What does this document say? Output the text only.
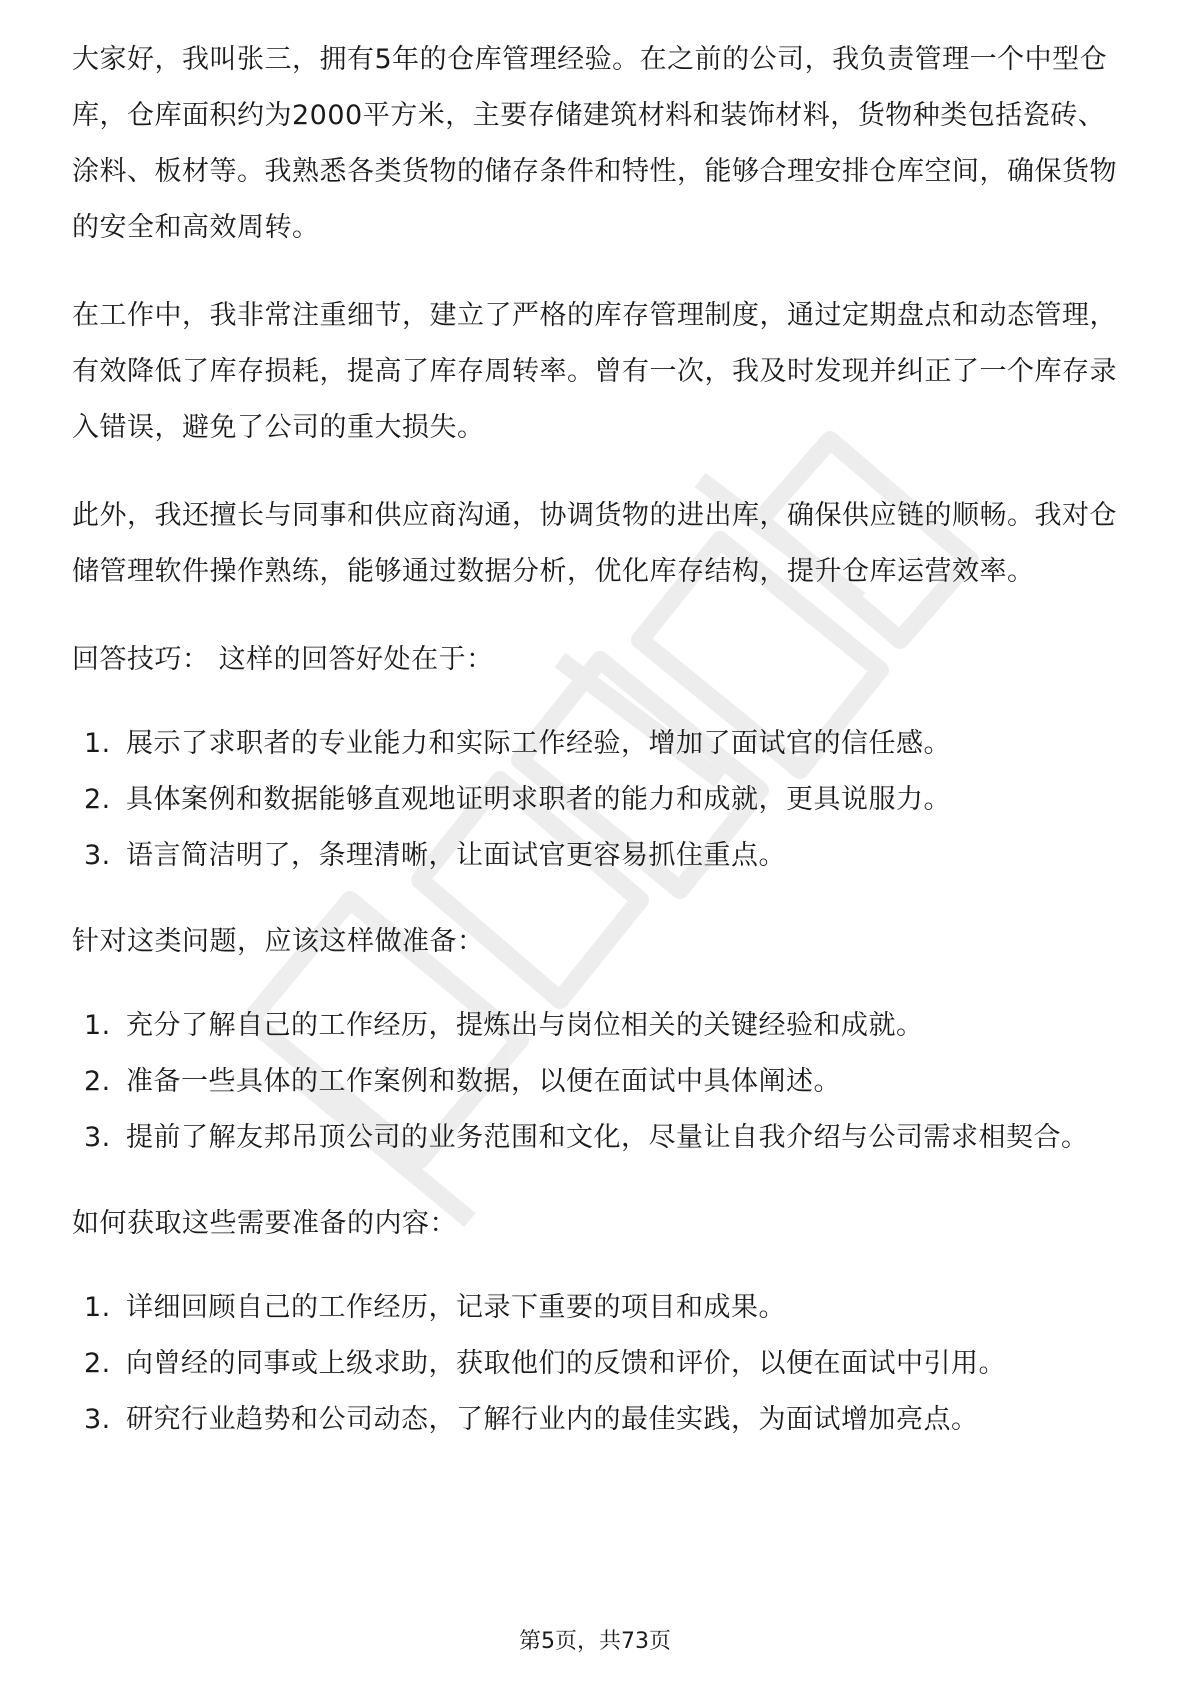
大家好，我叫张三，拥有5年的仓库管理经验。在之前的公司，我负责管理一个中型仓库，仓库面积约为2000平方米，主要存储建筑材料和装饰材料，货物种类包括瓷砖、涂料、板材等。我熟悉各类货物的储存条件和特性，能够合理安排仓库空间，确保货物的安全和高效周转。

在工作中，我非常注重细节，建立了严格的库存管理制度，通过定期盘点和动态管理，有效降低了库存损耗，提高了库存周转率。曾有一次，我及时发现并纠正了一个库存录入错误，避免了公司的重大损失。

此外，我还擅长与同事和供应商沟通，协调货物的进出库，确保供应链的顺畅。我对仓储管理软件操作熟练，能够通过数据分析，优化库存结构，提升仓库运营效率。

回答技巧： 这样的回答好处在于：

1. 展示了求职者的专业能力和实际工作经验，增加了面试官的信任感。
2. 具体案例和数据能够直观地证明求职者的能力和成就，更具说服力。
3. 语言简洁明了，条理清晰，让面试官更容易抓住重点。

针对这类问题，应该这样做准备：

1. 充分了解自己的工作经历，提炼出与岗位相关的关键经验和成就。
2. 准备一些具体的工作案例和数据，以便在面试中具体阐述。
3. 提前了解友邦吊顶公司的业务范围和文化，尽量让自我介绍与公司需求相契合。

如何获取这些需要准备的内容：

1. 详细回顾自己的工作经历，记录下重要的项目和成果。
2. 向曾经的同事或上级求助，获取他们的反馈和评价，以便在面试中引用。
3. 研究行业趋势和公司动态，了解行业内的最佳实践，为面试增加亮点。
第5页，共73页
